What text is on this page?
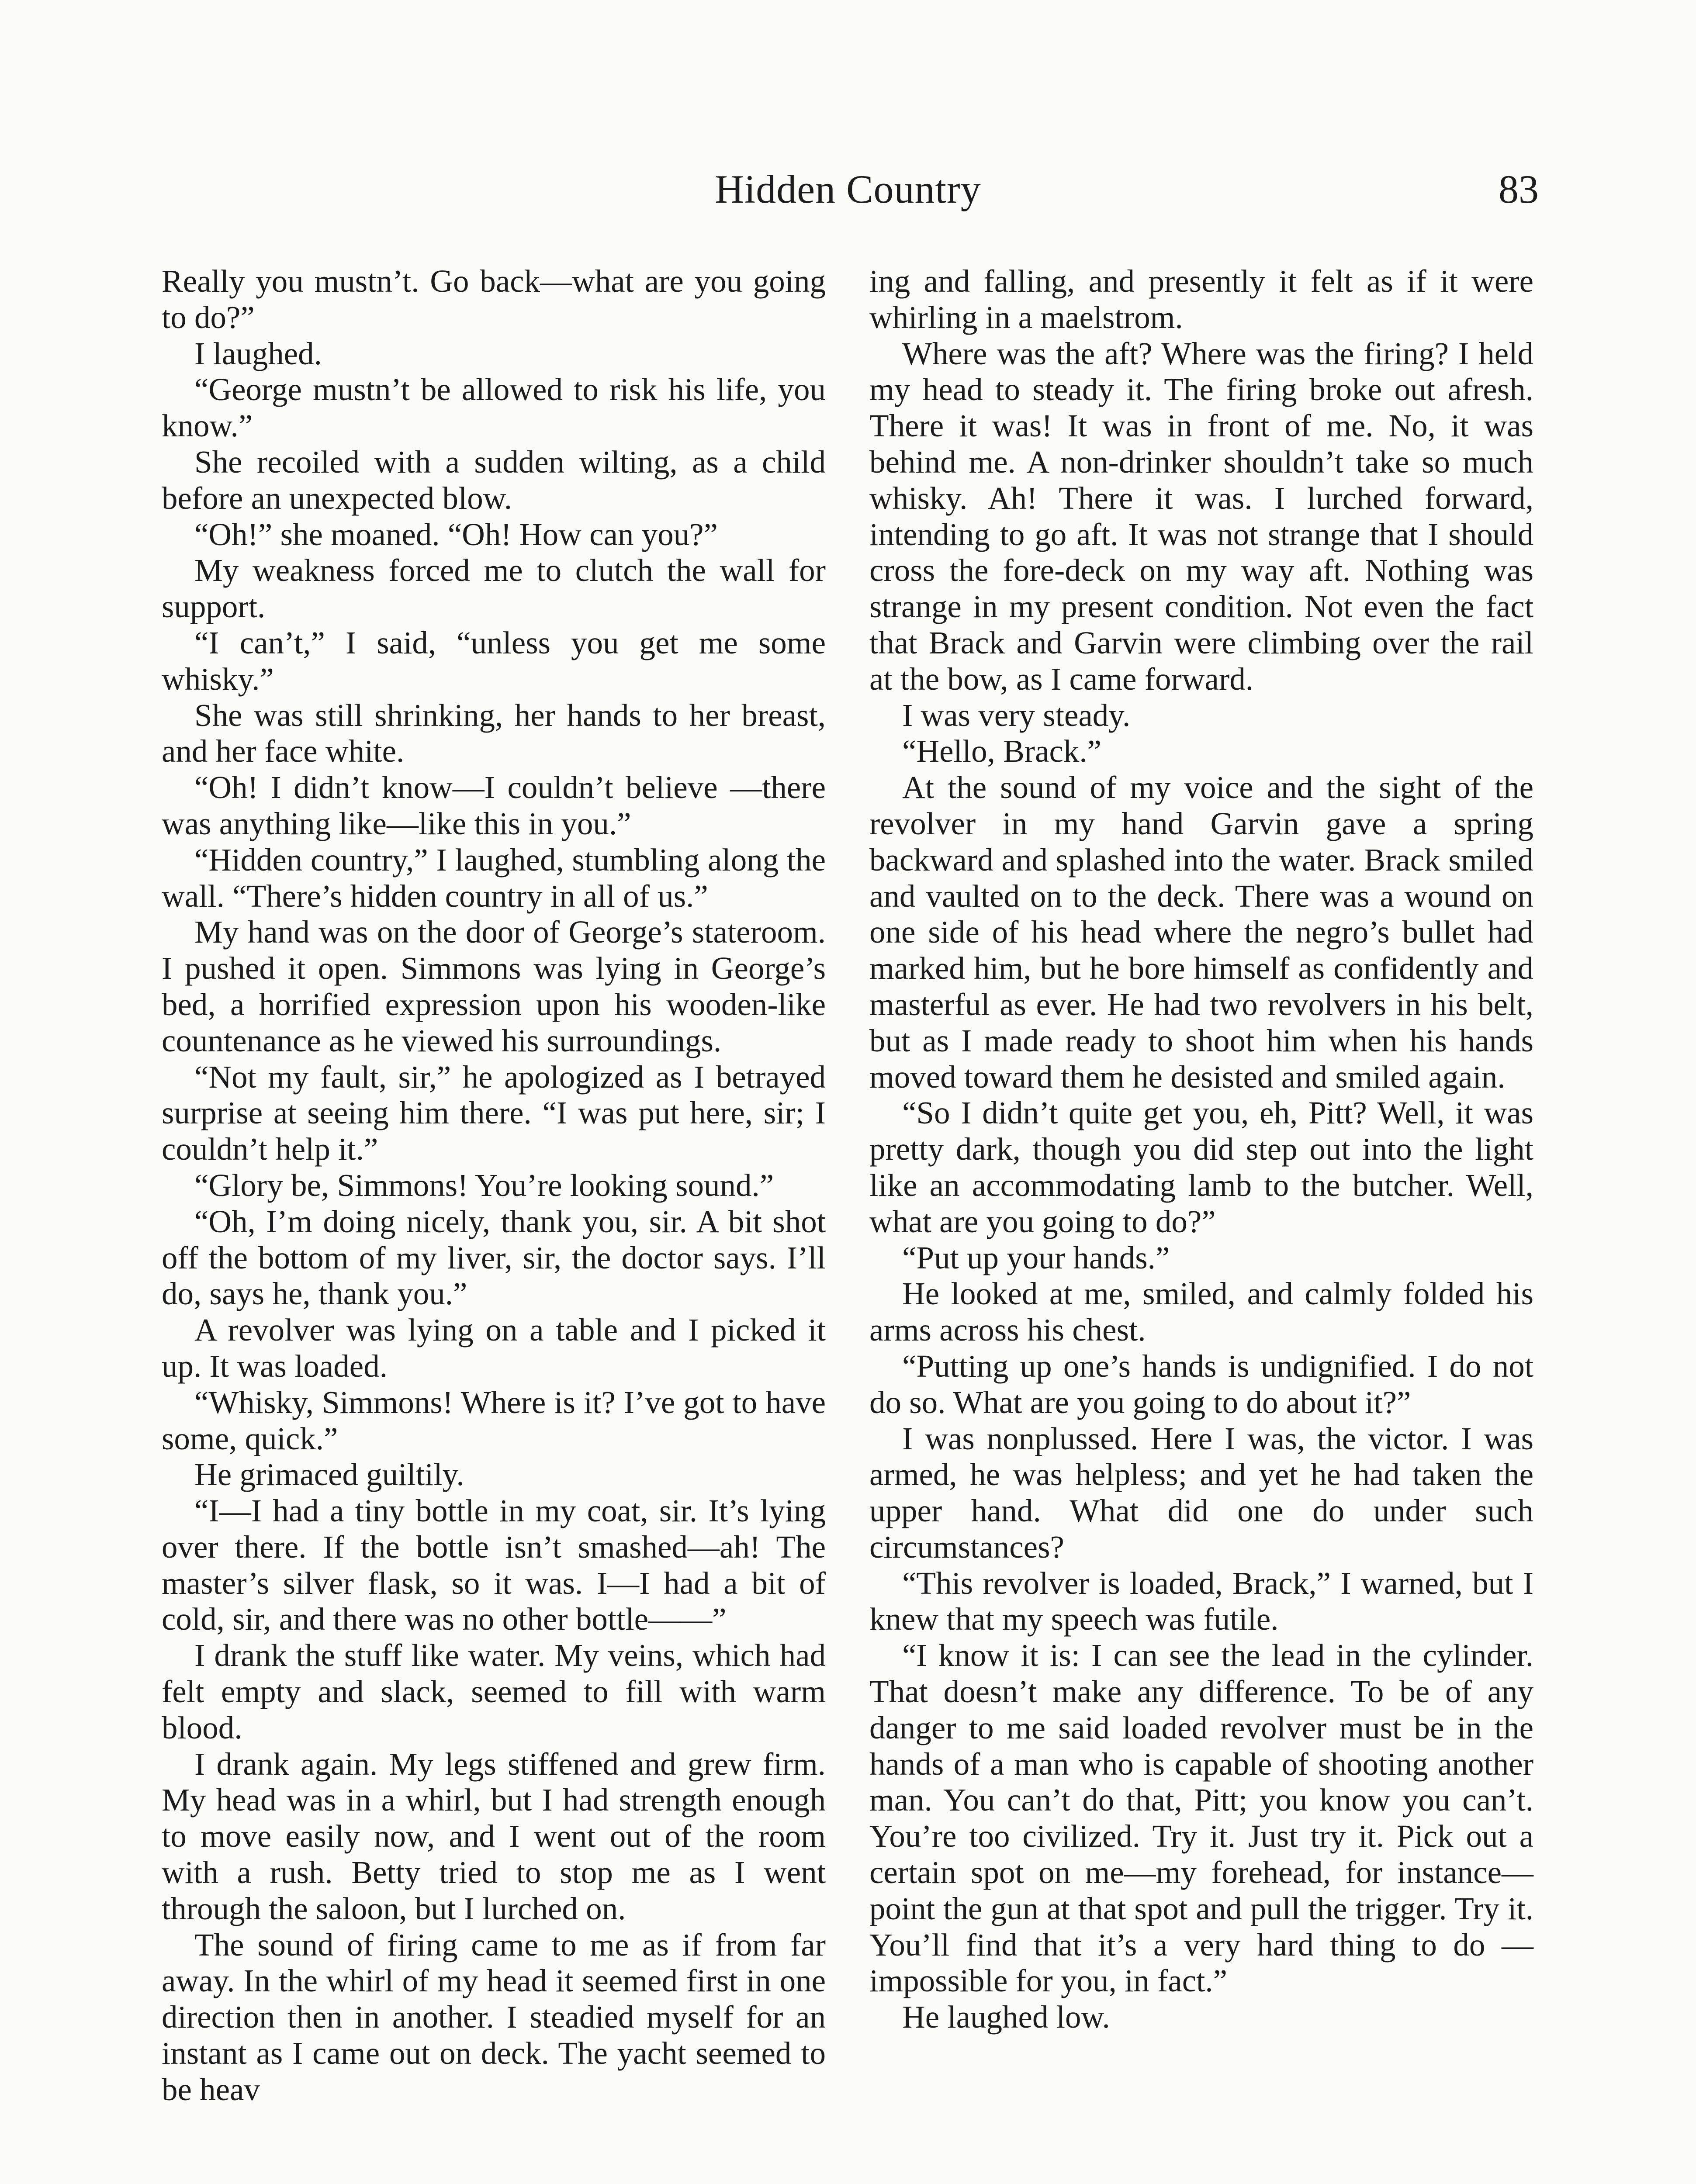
Hidden Country	83

Really you mustn’t. Go back—what are you going to do?”

I laughed.

“George mustn’t be allowed to risk his life, you know.”

She recoiled with a sudden wilting, as a child before an unexpected blow.

“Oh!” she moaned. “Oh! How can you?”

My weakness forced me to clutch the wall for support.

“I can’t,” I said, “unless you get me some whisky.”

She was still shrinking, her hands to her breast, and her face white.

“Oh! I didn’t know—I couldn’t believe —there was anything like—like this in you.”

“Hidden country,” I laughed, stumbling along the wall. “There’s hidden country in all of us.”

My hand was on the door of George’s stateroom. I pushed it open. Simmons was lying in George’s bed, a horrified expression upon his wooden-like countenance as he viewed his surroundings.

“Not my fault, sir,” he apologized as I betrayed surprise at seeing him there. “I was put here, sir; I couldn’t help it.”

“Glory be, Simmons! You’re looking sound.”

“Oh, I’m doing nicely, thank you, sir. A bit shot off the bottom of my liver, sir, the doctor says. I’ll do, says he, thank you.”

A revolver was lying on a table and I picked it up. It was loaded.

“Whisky, Simmons! Where is it? I’ve got to have some, quick.”

He grimaced guiltily.

“I—I had a tiny bottle in my coat, sir. It’s lying over there. If the bottle isn’t smashed—ah! The master’s silver flask, so it was. I—I had a bit of cold, sir, and there was no other bottle——”

I drank the stuff like water. My veins, which had felt empty and slack, seemed to fill with warm blood.

I drank again. My legs stiffened and grew firm. My head was in a whirl, but I had strength enough to move easily now, and I went out of the room with a rush. Betty tried to stop me as I went through the saloon, but I lurched on.

The sound of firing came to me as if from far away. In the whirl of my head it seemed first in one direction then in another. I steadied myself for an instant as I came out on deck. The yacht seemed to be heav

ing and falling, and presently it felt as if it were whirling in a maelstrom.

Where was the aft? Where was the firing? I held my head to steady it. The firing broke out afresh. There it was! It was in front of me. No, it was behind me. A non-drinker shouldn’t take so much whisky. Ah! There it was. I lurched forward, intending to go aft. It was not strange that I should cross the fore-deck on my way aft. Nothing was strange in my present condition. Not even the fact that Brack and Garvin were climbing over the rail at the bow, as I came forward.

I was very steady.

“Hello, Brack.”

At the sound of my voice and the sight of the revolver in my hand Garvin gave a spring backward and splashed into the water. Brack smiled and vaulted on to the deck. There was a wound on one side of his head where the negro’s bullet had marked him, but he bore himself as confidently and masterful as ever. He had two revolvers in his belt, but as I made ready to shoot him when his hands moved toward them he desisted and smiled again.

“So I didn’t quite get you, eh, Pitt? Well, it was pretty dark, though you did step out into the light like an accommodating lamb to the butcher. Well, what are you going to do?”

“Put up your hands.”

He looked at me, smiled, and calmly folded his arms across his chest.

“Putting up one’s hands is undignified. I do not do so. What are you going to do about it?”

I was nonplussed. Here I was, the victor. I was armed, he was helpless; and yet he had taken the upper hand. What did one do under such circumstances?

“This revolver is loaded, Brack,” I warned, but I knew that my speech was futile.

“I know it is: I can see the lead in the cylinder. That doesn’t make any difference. To be of any danger to me said loaded revolver must be in the hands of a man who is capable of shooting another man. You can’t do that, Pitt; you know you can’t. You’re too civilized. Try it. Just try it. Pick out a certain spot on me—my forehead, for instance—point the gun at that spot and pull the trigger. Try it. You’ll find that it’s a very hard thing to do —impossible for you, in fact.”

He laughed low.
